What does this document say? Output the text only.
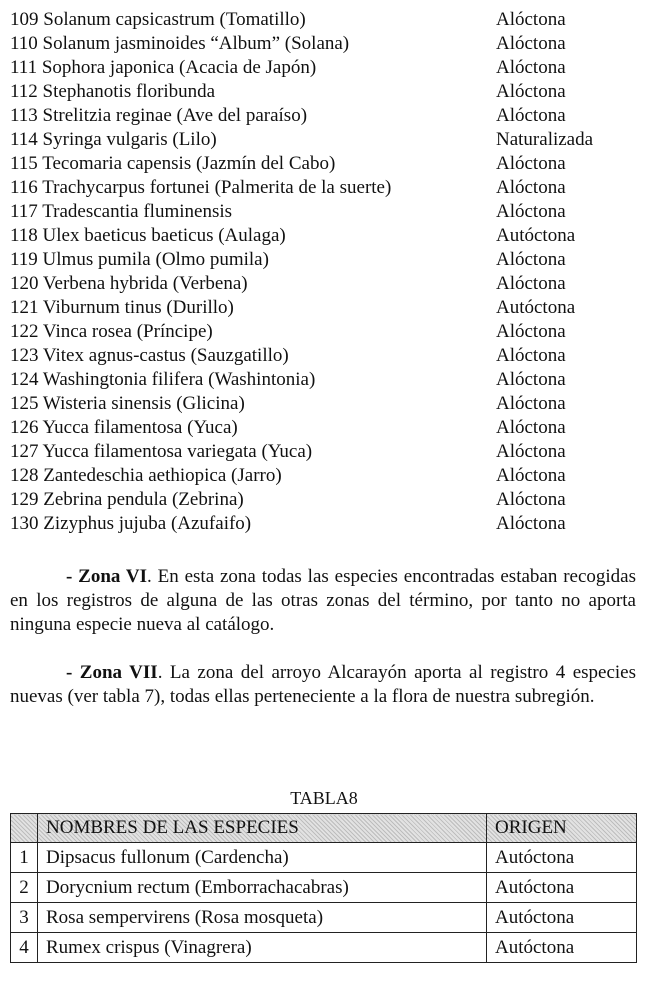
109 Solanum capsicastrum (Tomatillo)	Alóctona
110 Solanum jasminoides “Album” (Solana)	Alóctona
111 Sophora japonica (Acacia de Japón)	Alóctona
112 Stephanotis floribunda	Alóctona
113 Strelitzia reginae (Ave del paraíso)	Alóctona
114 Syringa vulgaris (Lilo)	Naturalizada
115 Tecomaria capensis (Jazmín del Cabo)	Alóctona
116 Trachycarpus fortunei (Palmerita de la suerte)	Alóctona
117 Tradescantia fluminensis	Alóctona
118 Ulex baeticus baeticus (Aulaga)	Autóctona
119 Ulmus pumila (Olmo pumila)	Alóctona
120 Verbena hybrida (Verbena)	Alóctona
121 Viburnum tinus (Durillo)	Autóctona
122 Vinca rosea (Príncipe)	Alóctona
123 Vitex agnus-castus (Sauzgatillo)	Alóctona
124 Washingtonia filifera (Washintonia)	Alóctona
125 Wisteria sinensis (Glicina)	Alóctona
126 Yucca filamentosa (Yuca)	Alóctona
127 Yucca filamentosa variegata (Yuca)	Alóctona
128 Zantedeschia aethiopica (Jarro)	Alóctona
129 Zebrina pendula (Zebrina)	Alóctona
130 Zizyphus jujuba (Azufaifo)	Alóctona

- Zona VI. En esta zona todas las especies encontradas estaban recogidas en los registros de alguna de las otras zonas del término, por tanto no aporta ninguna especie nueva al catálogo.

- Zona VII. La zona del arroyo Alcarayón aporta al registro 4 especies nuevas (ver tabla 7), todas ellas perteneciente a la flora de nuestra subregión.

TABLA8
	NOMBRES DE LAS ESPECIES	ORIGEN
1	Dipsacus fullonum (Cardencha)	Autóctona
2	Dorycnium rectum (Emborrachacabras)	Autóctona
3	Rosa sempervirens (Rosa mosqueta)	Autóctona
4	Rumex crispus (Vinagrera)	Autóctona
